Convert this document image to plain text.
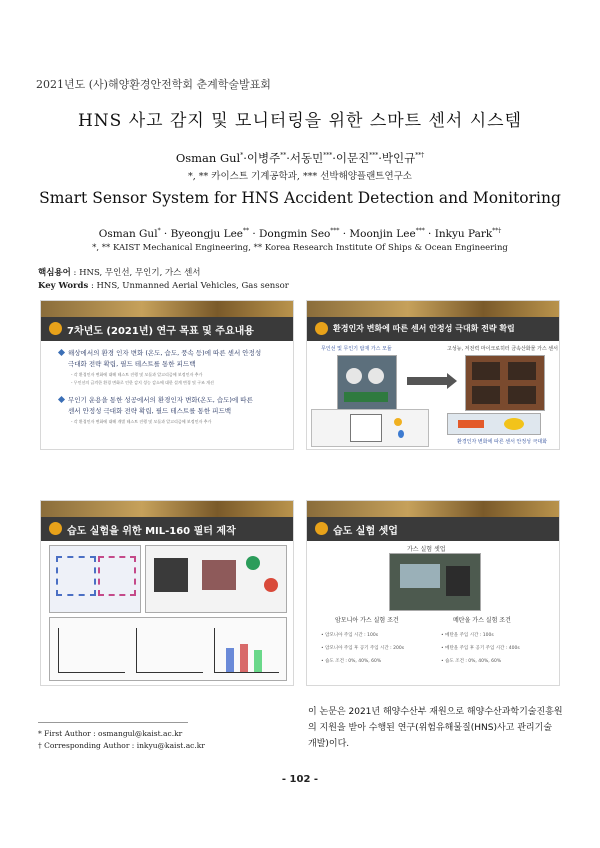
2021년도 (사)해양환경안전학회 춘계학술발표회
HNS 사고 감지 및 모니터링을 위한 스마트 센서 시스템
Osman Gul*·이병주**·서동민***·이문진***·박인규**†
*, ** 카이스트 기계공학과, *** 선박해양플랜트연구소
Smart Sensor System for HNS Accident Detection and Monitoring
Osman Gul* · Byeongju Lee** · Dongmin Seo*** · Moonjin Lee*** · Inkyu Park**†
*, ** KAIST Mechanical Engineering, ** Korea Research Institute Of Ships & Ocean Engineering
핵심용어 : HNS, 무인선, 무인기, 가스 센서
Key Words : HNS, Unmanned Aerial Vehicles, Gas sensor
7차년도 (2021년) 연구 목표 및 주요내용
해상에서의 환경 인자 변화 (온도, 습도, 풍속 등)에 따른 센서 안정성
극대화 전략 확립, 필드 테스트를 통한 피드백
- 각 환경인자 변화에 대해 테스트 진행 및 모듈과 알고리즘에 보정인자 추가
- 무인선의 급격한 환경 변화로 인한 감지 성능 감소에 대한 설계 변경 및 구조 개선
무인기 운용을 통한 성공에서의 환경인자 변화(온도, 습도)에 따른
센서 안정성 극대화 전략 확립, 필드 테스트를 통한 피드백
- 각 환경인자 변화에 대해 개별 테스트 진행 및 모듈과 알고리즘에 보정인자 추가
환경인자 변화에 따른 센서 안정성 극대화 전략 확립
무인선 및 무인기 탑재 가스 모듈	고성능, 저전력 마이크로히터 금속산화물 가스 센서
환경인자 변화에 따른 센서 안정성 극대화
습도 실험을 위한 MIL-160 필터 제작	습도 실험 셋업
가스 실험 셋업
암모니아 가스 실험 조건	메탄올 가스 실험 조건
• 암모니아 주입 시간 : 100s
• 암모니아 주입 후 공기 주입 시간 : 200s
• 습도 조건 : 0%, 40%, 60%
• 메탄올 주입 시간 : 100s
• 메탄올 주입 후 공기 주입 시간 : 400s
• 습도 조건 : 0%, 40%, 60%
이 논문은 2021년 해양수산부 재원으로 해양수산과학기술진흥원의 지원을 받아 수행된 연구(위험유해물질(HNS)사고 관리기술 개발)이다.
* First Author : osmangul@kaist.ac.kr
† Corresponding Author : inkyu@kaist.ac.kr
- 102 -
